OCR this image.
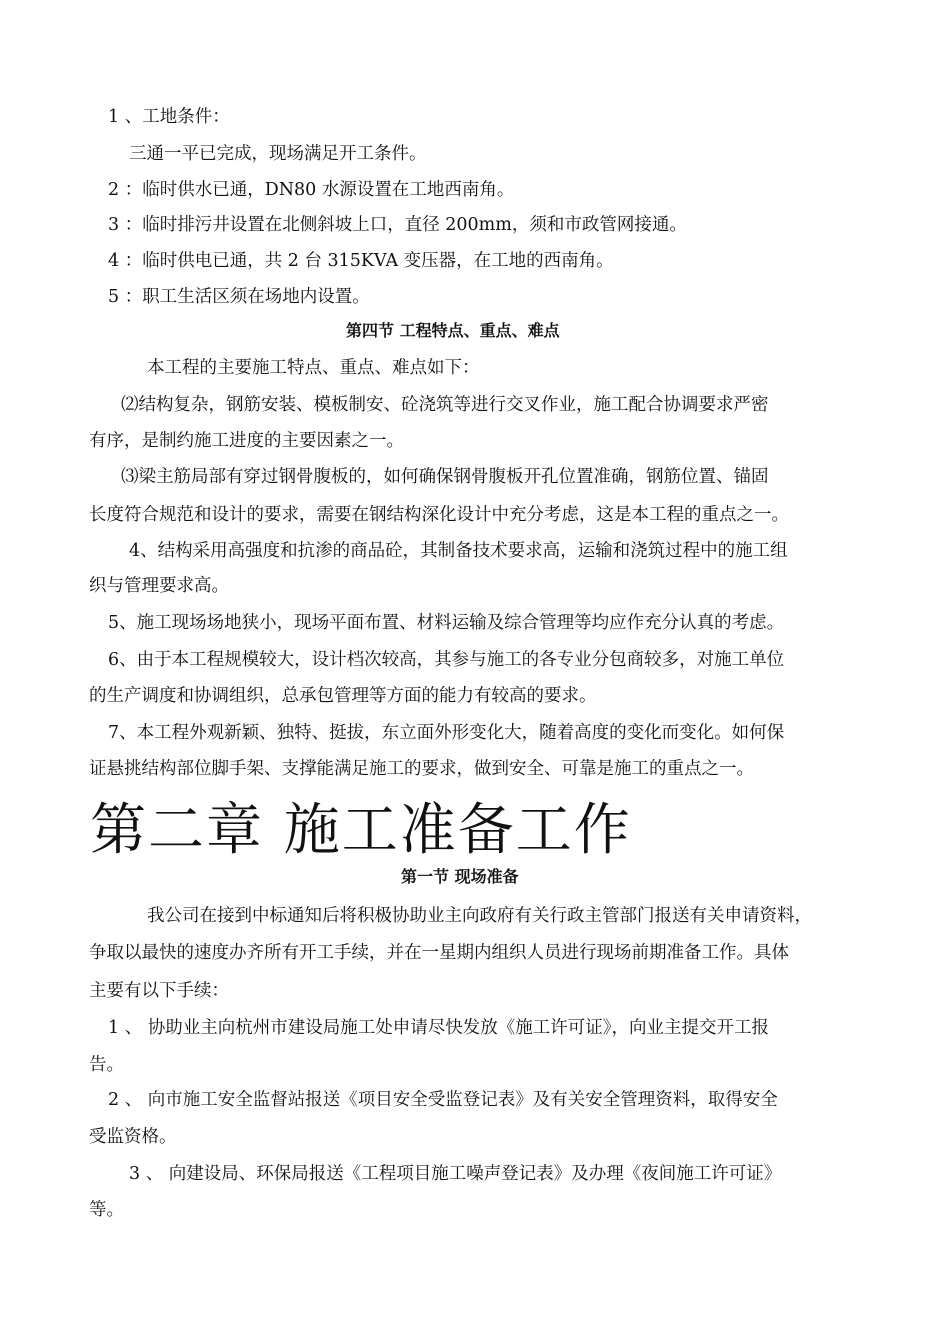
1 、工地条件：
三通一平已完成，现场满足开工条件。
2 ：临时供水已通，DN80 水源设置在工地西南角。
3 ：临时排污井设置在北侧斜坡上口，直径 200mm，须和市政管网接通。
4 ：临时供电已通，共 2 台 315KVA 变压器，在工地的西南角。
5 ：职工生活区须在场地内设置。
第四节 工程特点、重点、难点
本工程的主要施工特点、重点、难点如下：
⑵结构复杂，钢筋安装、模板制安、砼浇筑等进行交叉作业，施工配合协调要求严密
有序，是制约施工进度的主要因素之一。
⑶梁主筋局部有穿过钢骨腹板的，如何确保钢骨腹板开孔位置准确，钢筋位置、锚固
长度符合规范和设计的要求，需要在钢结构深化设计中充分考虑，这是本工程的重点之一。
4、结构采用高强度和抗渗的商品砼，其制备技术要求高，运输和浇筑过程中的施工组
织与管理要求高。
5、施工现场场地狭小，现场平面布置、材料运输及综合管理等均应作充分认真的考虑。
6、由于本工程规模较大，设计档次较高，其参与施工的各专业分包商较多，对施工单位
的生产调度和协调组织，总承包管理等方面的能力有较高的要求。
7、本工程外观新颖、独特、挺拔，东立面外形变化大，随着高度的变化而变化。如何保
证悬挑结构部位脚手架、支撑能满足施工的要求，做到安全、可靠是施工的重点之一。
第二章 施工准备工作
第一节 现场准备
我公司在接到中标通知后将积极协助业主向政府有关行政主管部门报送有关申请资料，
争取以最快的速度办齐所有开工手续，并在一星期内组织人员进行现场前期准备工作。具体
主要有以下手续：
1 、 协助业主向杭州市建设局施工处申请尽快发放《施工许可证》，向业主提交开工报
告。
2 、 向市施工安全监督站报送《项目安全受监登记表》及有关安全管理资料，取得安全
受监资格。
3 、 向建设局、环保局报送《工程项目施工噪声登记表》及办理《夜间施工许可证》
等。
